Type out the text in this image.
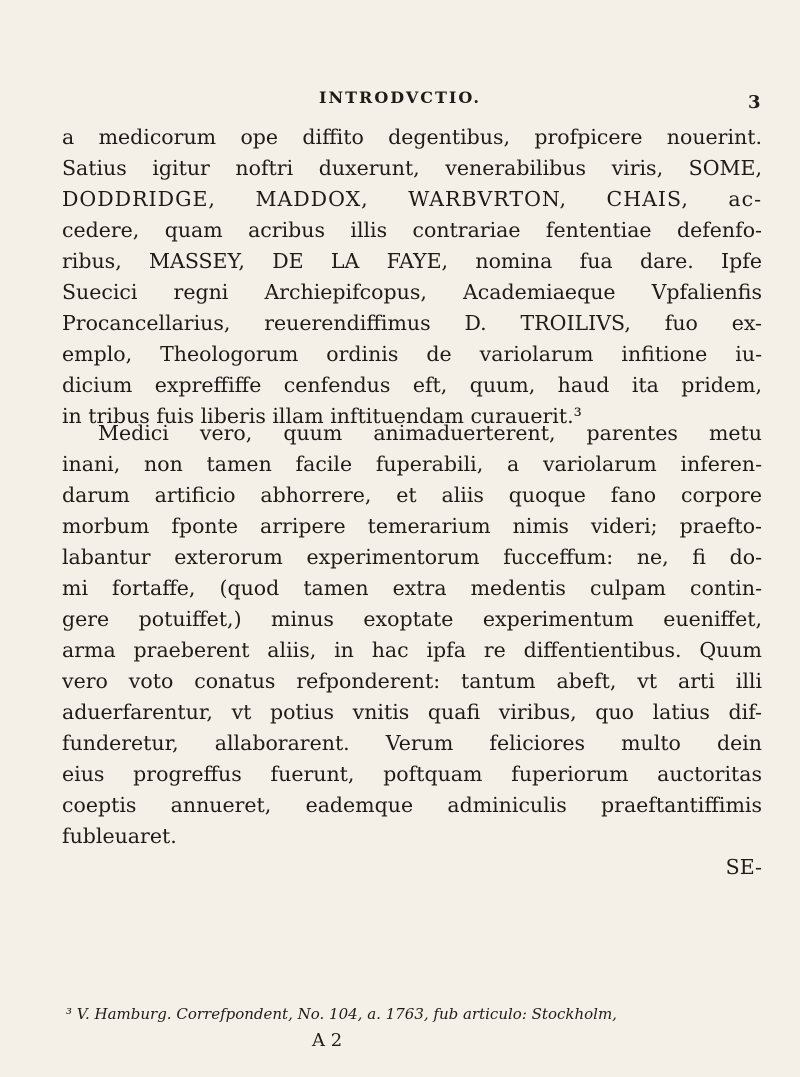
INTRODVCTIO.	3
a medicorum ope diffito degentibus, profpicere nouerint.
Satius igitur noftri duxerunt, venerabilibus viris, SOME,
DODDRIDGE, MADDOX, WARBVRTON, CHAIS, ac-
cedere, quam acribus illis contrariae fententiae defenfo-
ribus, MASSEY, DE LA FAYE, nomina fua dare. Ipfe
Suecici regni Archiepifcopus, Academiaeque Vpfalienfis
Procancellarius, reuerendiffimus D. TROILIVS, fuo ex-
emplo, Theologorum ordinis de variolarum infitione iu-
dicium expreffiffe cenfendus eft, quum, haud ita pridem,
in tribus fuis liberis illam inftituendam curauerit.³
Medici vero, quum animaduerterent, parentes metu
inani, non tamen facile fuperabili, a variolarum inferen-
darum artificio abhorrere, et aliis quoque fano corpore
morbum fponte arripere temerarium nimis videri; praefto-
labantur exterorum experimentorum fucceffum: ne, fi do-
mi fortaffe, (quod tamen extra medentis culpam contin-
gere potuiffet,) minus exoptate experimentum eueniffet,
arma praeberent aliis, in hac ipfa re diffentientibus. Quum
vero voto conatus refponderent: tantum abeft, vt arti illi
aduerfarentur, vt potius vnitis quafi viribus, quo latius dif-
funderetur, allaborarent. Verum feliciores multo dein
eius progreffus fuerunt, poftquam fuperiorum auctoritas
coeptis annueret, eademque adminiculis praeftantiffimis
fubleuaret.
SE-
³ V. Hamburg. Correfpondent, No. 104, a. 1763, fub articulo: Stockholm,
A 2
